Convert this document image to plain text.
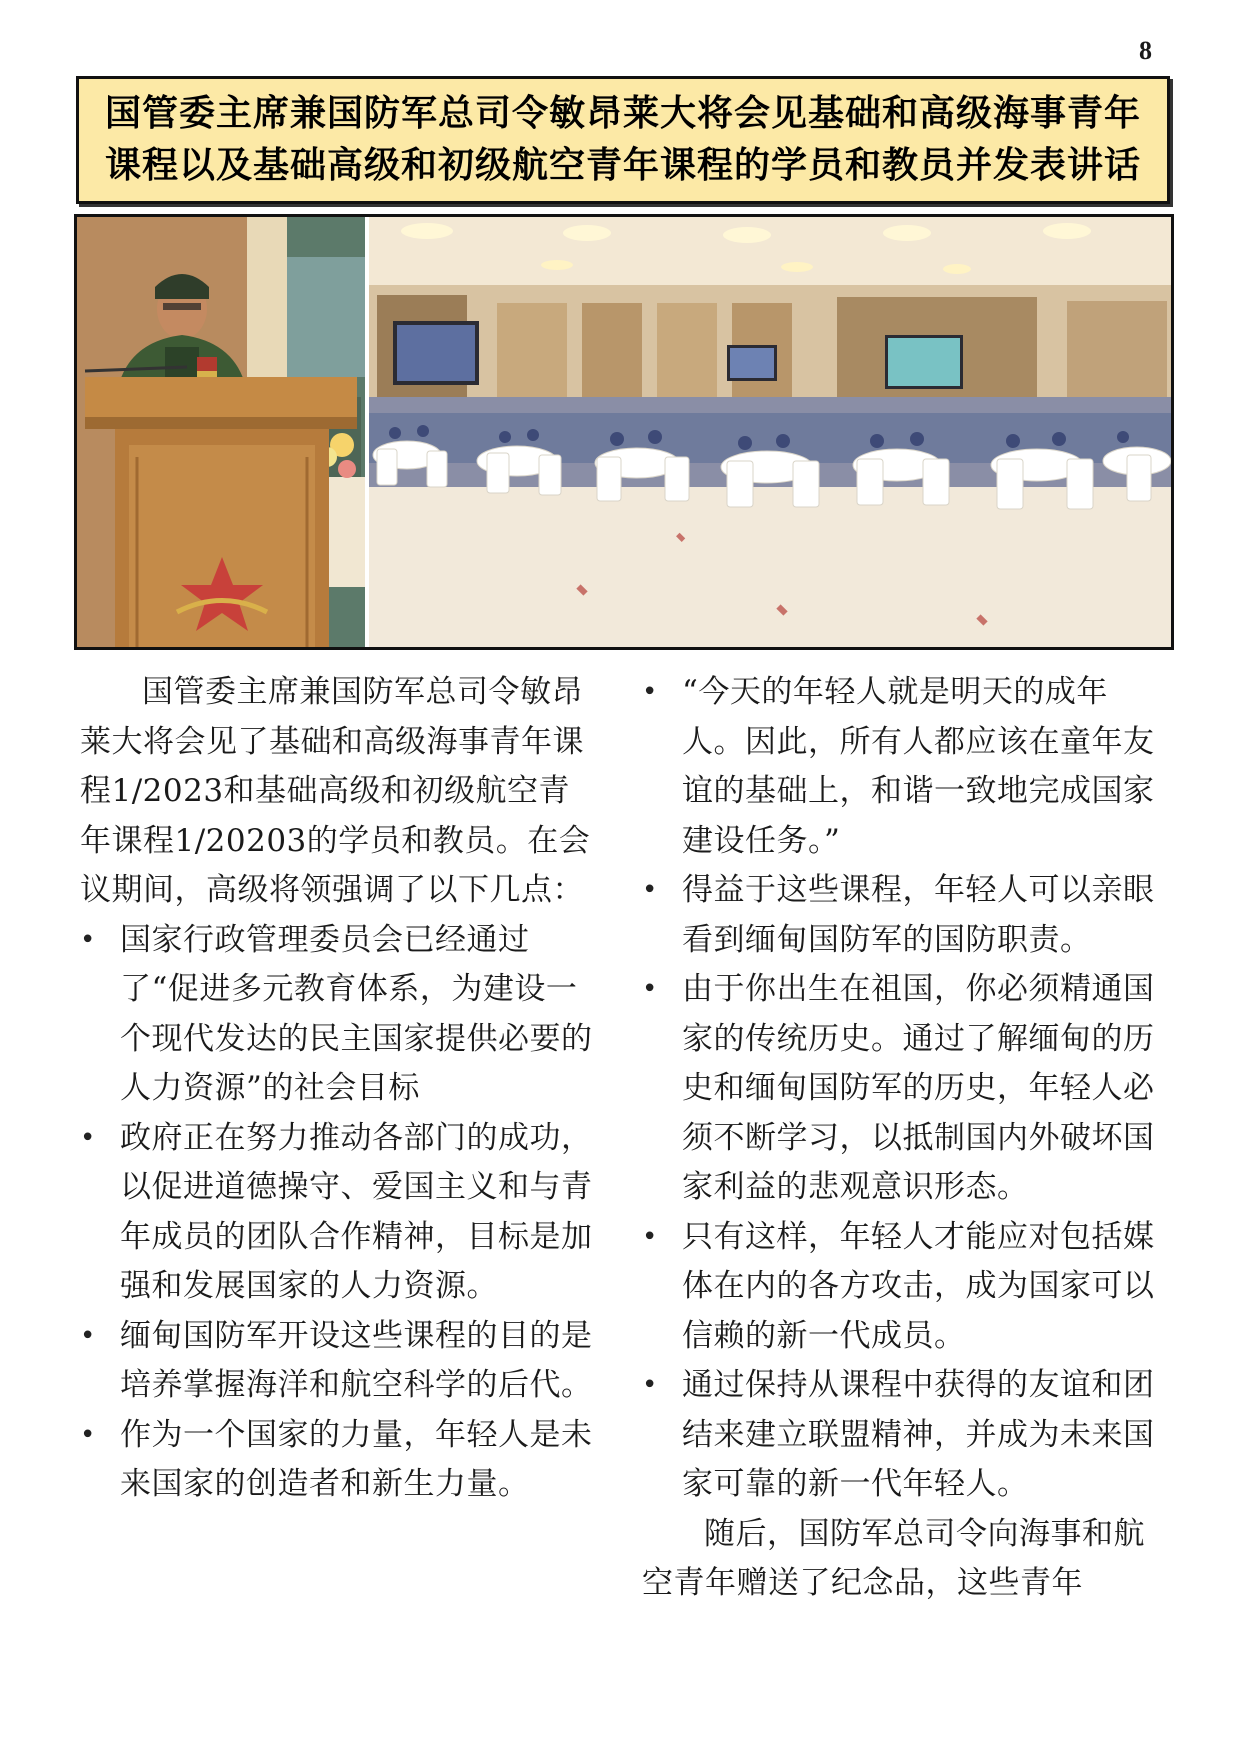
8
国管委主席兼国防军总司令敏昂莱大将会见基础和高级海事青年
课程以及基础高级和初级航空青年课程的学员和教员并发表讲话

国管委主席兼国防军总司令敏昂莱大将会见了基础和高级海事青年课程1/2023和基础高级和初级航空青年课程1/20203的学员和教员。在会议期间，高级将领强调了以下几点：

• 国家行政管理委员会已经通过了“促进多元教育体系，为建设一个现代发达的民主国家提供必要的人力资源”的社会目标
• 政府正在努力推动各部门的成功，以促进道德操守、爱国主义和与青年成员的团队合作精神，目标是加强和发展国家的人力资源。
• 缅甸国防军开设这些课程的目的是培养掌握海洋和航空科学的后代。
• 作为一个国家的力量，年轻人是未来国家的创造者和新生力量。
• “今天的年轻人就是明天的成年人。因此，所有人都应该在童年友谊的基础上，和谐一致地完成国家建设任务。”
• 得益于这些课程，年轻人可以亲眼看到缅甸国防军的国防职责。
• 由于你出生在祖国，你必须精通国家的传统历史。通过了解缅甸的历史和缅甸国防军的历史，年轻人必须不断学习，以抵制国内外破坏国家利益的悲观意识形态。
• 只有这样，年轻人才能应对包括媒体在内的各方攻击，成为国家可以信赖的新一代成员。
• 通过保持从课程中获得的友谊和团结来建立联盟精神，并成为未来国家可靠的新一代年轻人。

随后，国防军总司令向海事和航空青年赠送了纪念品，这些青年
